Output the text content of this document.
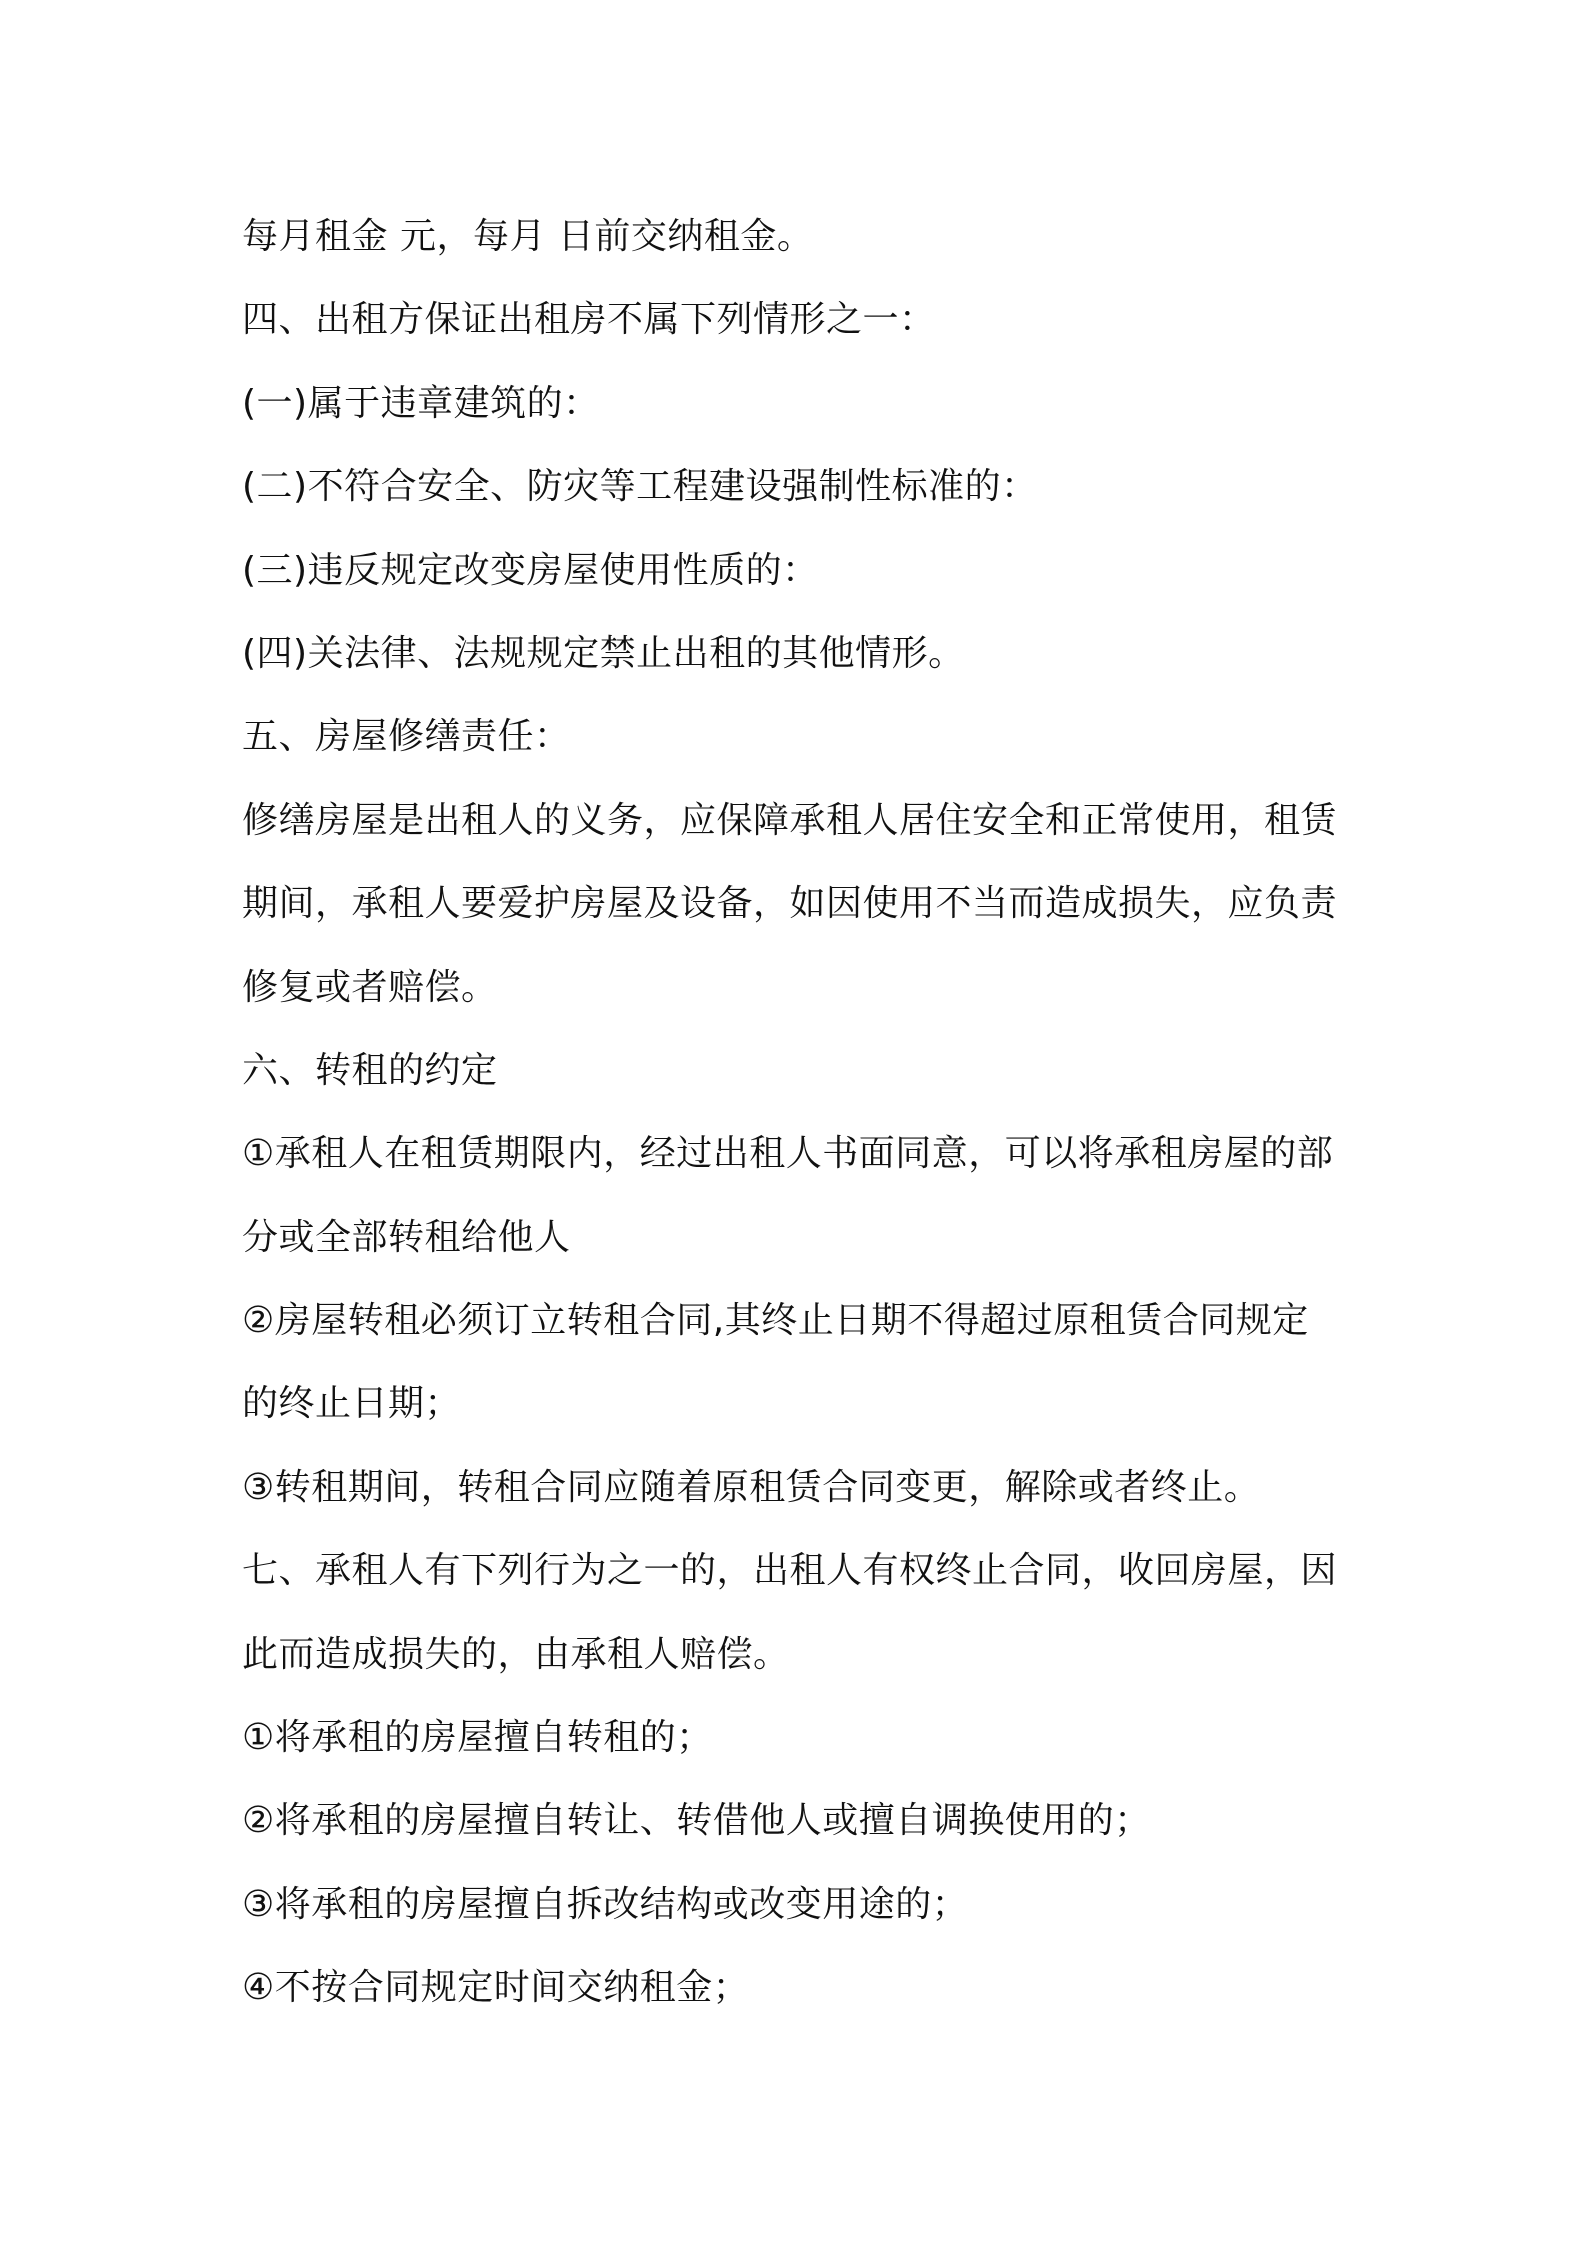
每月租金 元，每月 日前交纳租金。
四、出租方保证出租房不属下列情形之一：
(一)属于违章建筑的：
(二)不符合安全、防灾等工程建设强制性标准的：
(三)违反规定改变房屋使用性质的：
(四)关法律、法规规定禁止出租的其他情形。
五、房屋修缮责任：
修缮房屋是出租人的义务，应保障承租人居住安全和正常使用，租赁
期间，承租人要爱护房屋及设备，如因使用不当而造成损失，应负责
修复或者赔偿。
六、转租的约定
①承租人在租赁期限内，经过出租人书面同意，可以将承租房屋的部
分或全部转租给他人
②房屋转租必须订立转租合同,其终止日期不得超过原租赁合同规定
的终止日期；
③转租期间，转租合同应随着原租赁合同变更，解除或者终止。
七、承租人有下列行为之一的，出租人有权终止合同，收回房屋，因
此而造成损失的，由承租人赔偿。
①将承租的房屋擅自转租的；
②将承租的房屋擅自转让、转借他人或擅自调换使用的；
③将承租的房屋擅自拆改结构或改变用途的；
④不按合同规定时间交纳租金；
